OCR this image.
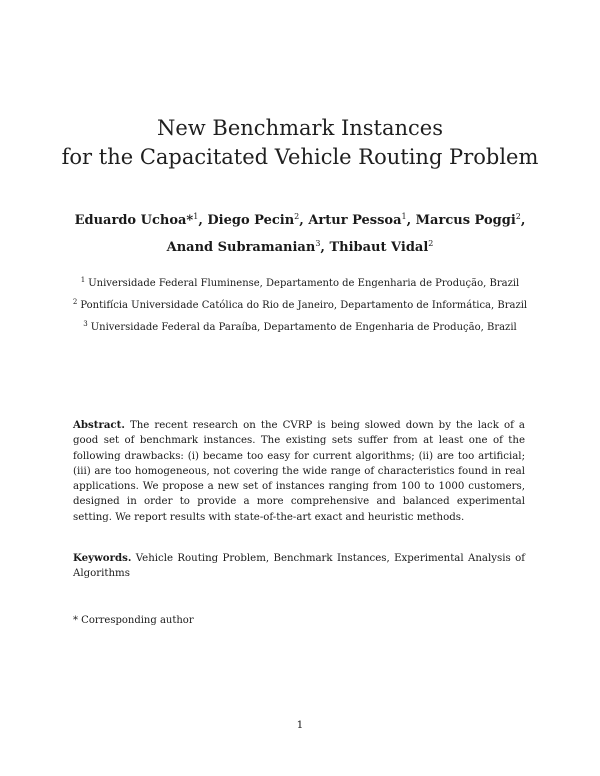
New Benchmark Instances
for the Capacitated Vehicle Routing Problem
Eduardo Uchoa*$^1$, Diego Pecin$^2$, Artur Pessoa$^1$, Marcus Poggi$^2$,
Anand Subramanian$^3$, Thibaut Vidal$^2$
$^1$ Universidade Federal Fluminense, Departamento de Engenharia de Produção, Brazil
$^2$ Pontifícia Universidade Católica do Rio de Janeiro, Departamento de Informática, Brazil
$^3$ Universidade Federal da Paraíba, Departamento de Engenharia de Produção, Brazil
Abstract. The recent research on the CVRP is being slowed down by the lack of a good set of benchmark instances. The existing sets suffer from at least one of the following drawbacks: (i) became too easy for current algorithms; (ii) are too artificial; (iii) are too homogeneous, not covering the wide range of characteristics found in real applications. We propose a new set of instances ranging from 100 to 1000 customers, designed in order to provide a more comprehensive and balanced experimental setting. We report results with state-of-the-art exact and heuristic methods.
Keywords. Vehicle Routing Problem, Benchmark Instances, Experimental Analysis of Algorithms
* Corresponding author
1
